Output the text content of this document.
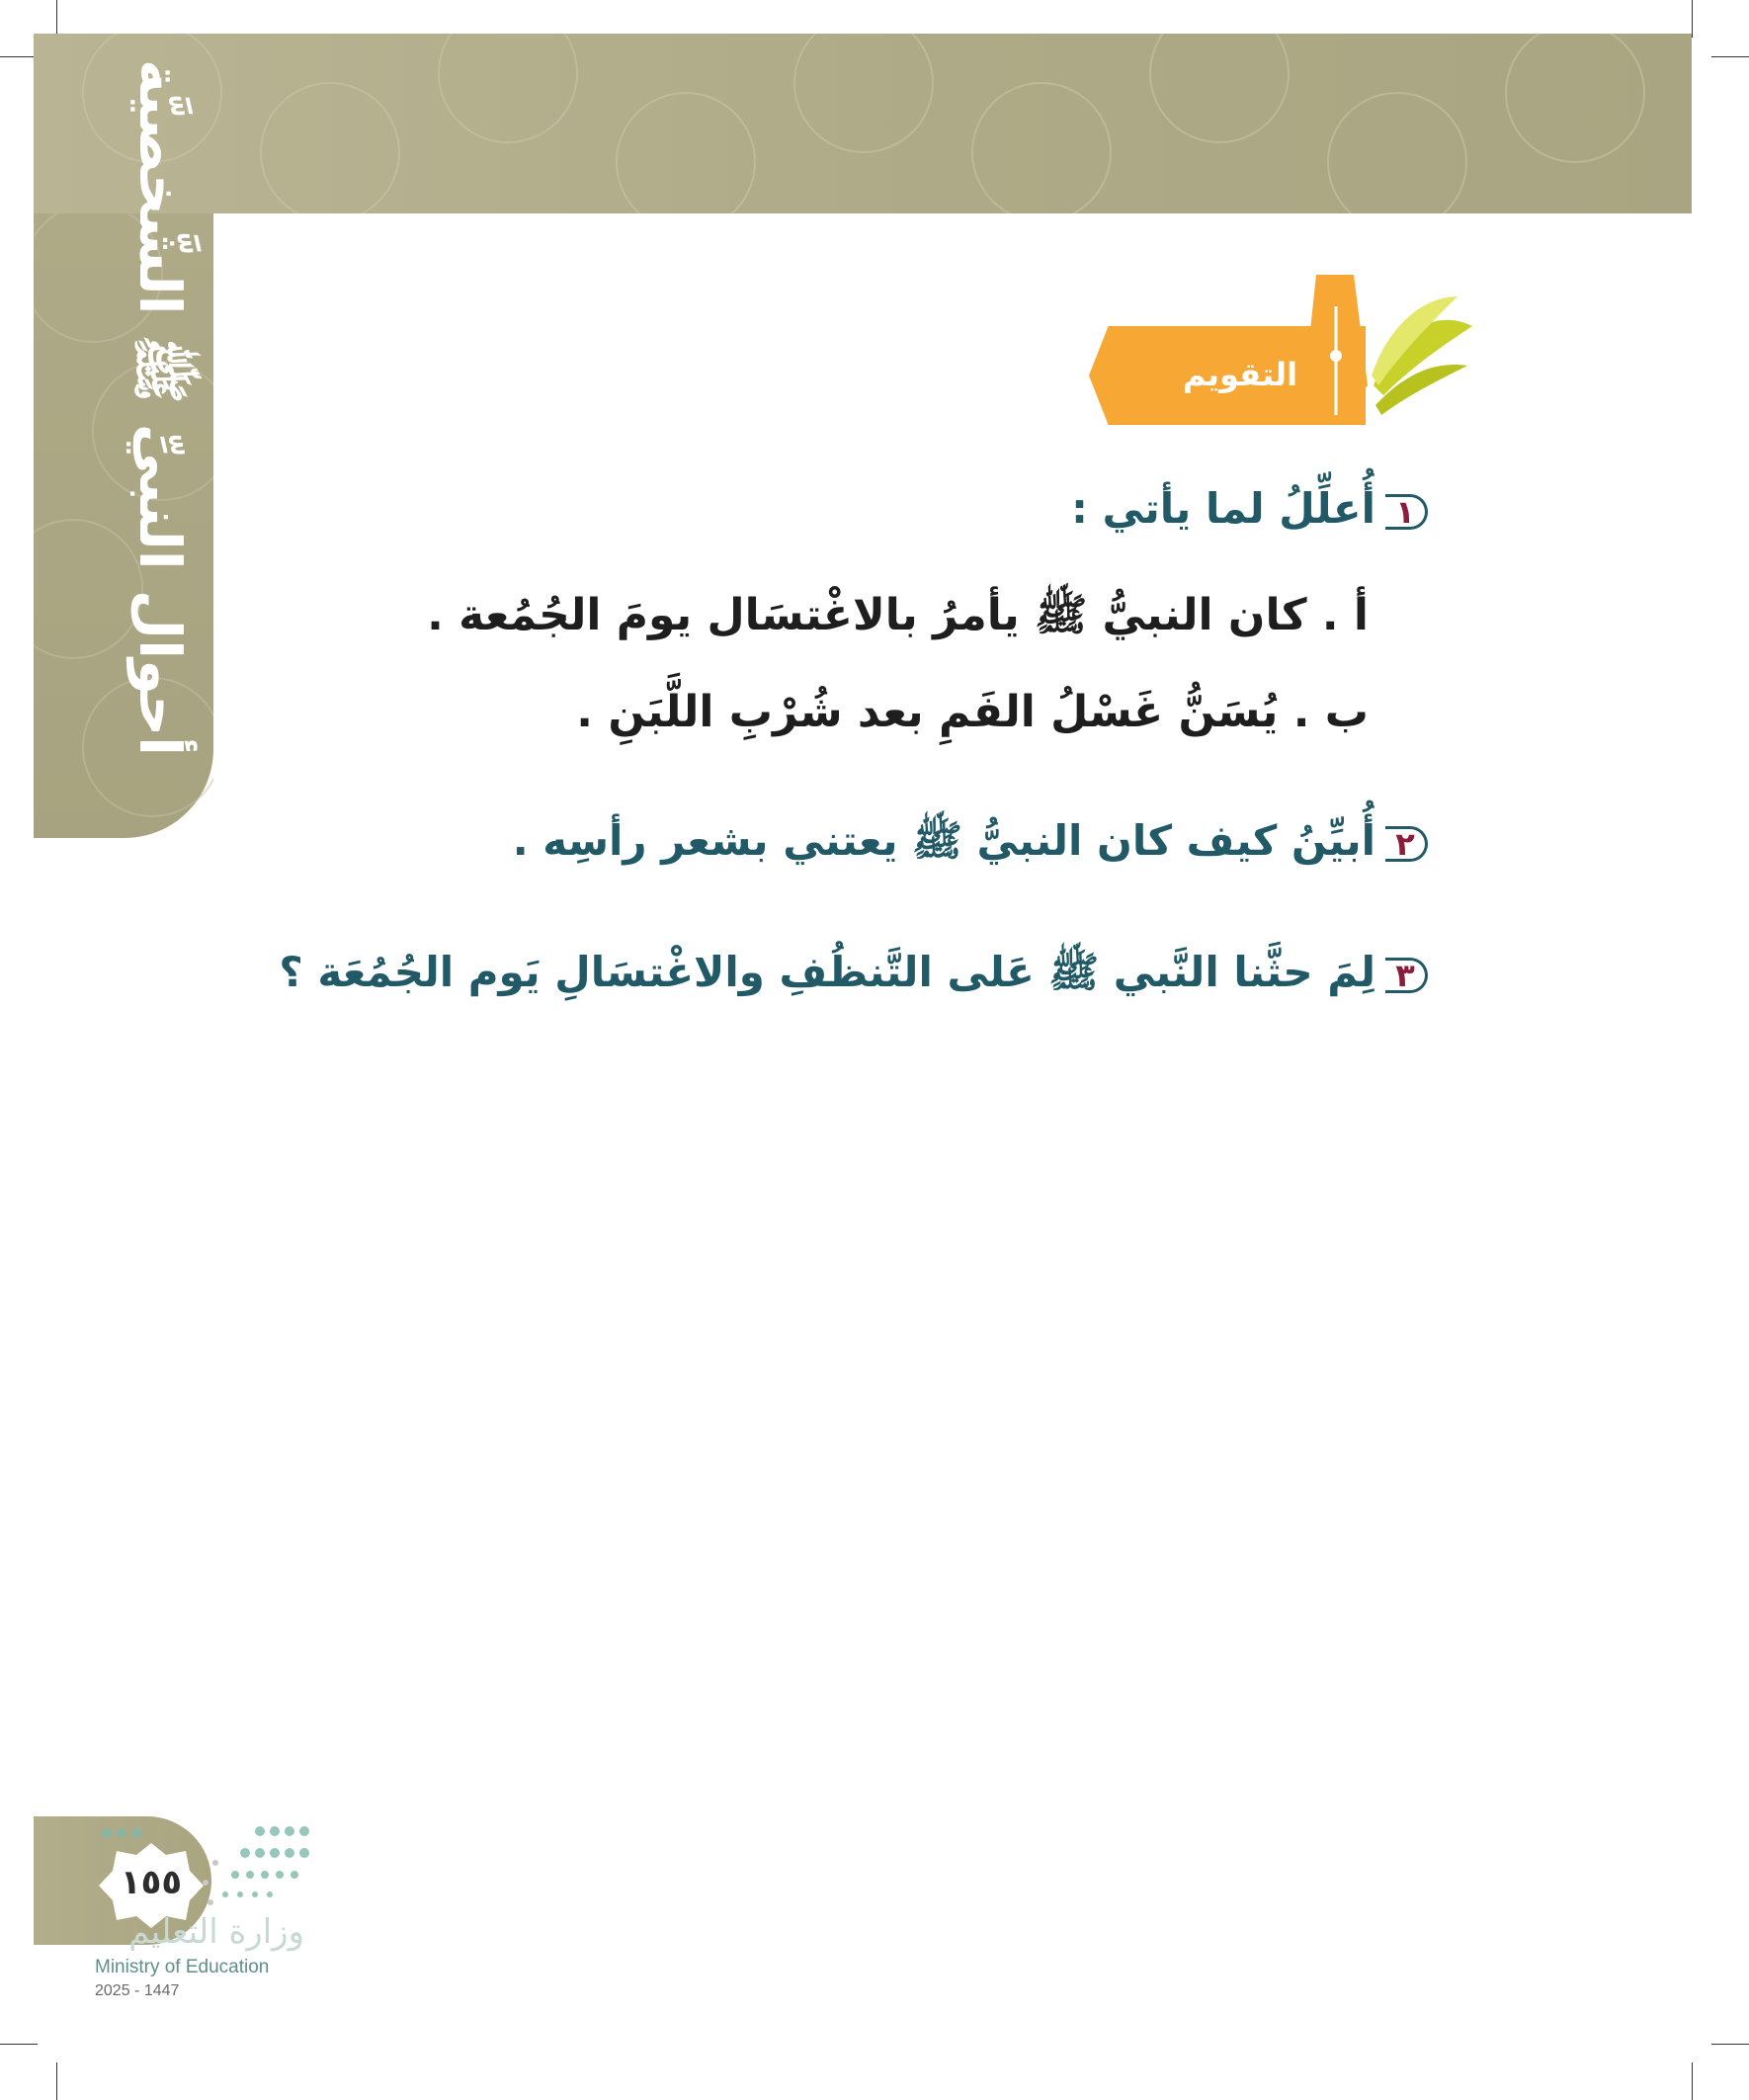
أحوال النبيِّ ﷺ الشَّخصيَّة	التقويم
١أُعلِّلُ لما يأتي :
أ . كان النبيُّ ﷺ يأمرُ بالاغْتسَال يومَ الجُمُعة .
ب . يُسَنُّ غَسْلُ الفَمِ بعد شُرْبِ اللَّبَنِ .
٢أُبيِّنُ كيف كان النبيُّ ﷺ يعتني بشعر رأسِه .
٣لِمَ حثَّنا النَّبي ﷺ عَلى التَّنظُفِ والاغْتسَالِ يَوم الجُمُعَة ؟
١٥٥
وزارة التعليم
Ministry of Education
2025 - 1447
